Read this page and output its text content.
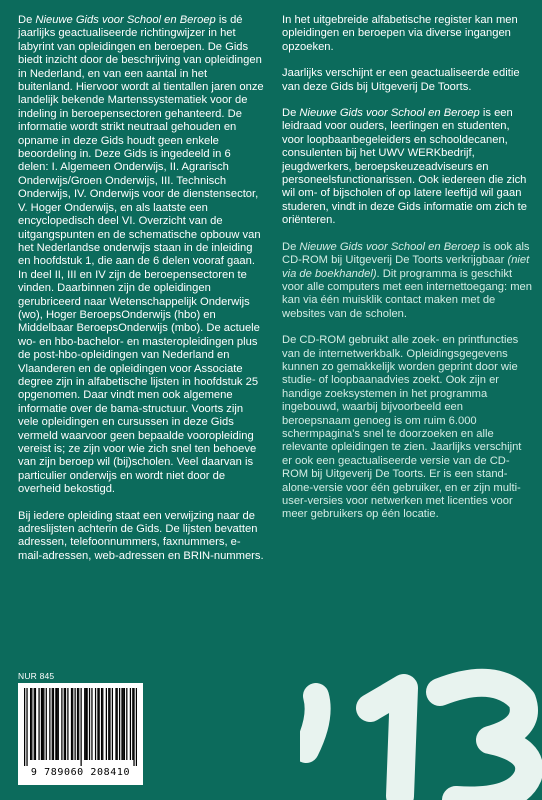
De Nieuwe Gids voor School en Beroep is dé jaarlijks geactualiseerde richtingwijzer in het labyrint van opleidingen en beroepen. De Gids biedt inzicht door de beschrijving van opleidingen in Nederland, en van een aantal in het buitenland. Hiervoor wordt al tientallen jaren onze landelijk bekende Martenssystematiek voor de indeling in beroepensectoren gehanteerd. De informatie wordt strikt neutraal gehouden en opname in deze Gids houdt geen enkele beoordeling in. Deze Gids is ingedeeld in 6 delen: I. Algemeen Onderwijs, II. Agrarisch Onderwijs/Groen Onderwijs, III. Technisch Onderwijs, IV. Onderwijs voor de dienstensector, V. Hoger Onderwijs, en als laatste een encyclopedisch deel VI. Overzicht van de uitgangspunten en de schematische opbouw van het Nederlandse onderwijs staan in de inleiding en hoofdstuk 1, die aan de 6 delen vooraf gaan. In deel II, III en IV zijn de beroepensectoren te vinden. Daarbinnen zijn de opleidingen gerubriceerd naar Wetenschappelijk Onderwijs (wo), Hoger BeroepsOnderwijs (hbo) en Middelbaar BeroepsOnderwijs (mbo). De actuele wo- en hbo-bachelor- en masteropleidingen plus de post-hbo-opleidingen van Nederland en Vlaanderen en de opleidingen voor Associate degree zijn in alfabetische lijsten in hoofdstuk 25 opgenomen. Daar vindt men ook algemene informatie over de bama-structuur. Voorts zijn vele opleidingen en cursussen in deze Gids vermeld waarvoor geen bepaalde vooropleiding vereist is; ze zijn voor wie zich snel ten behoeve van zijn beroep wil (bij)scholen. Veel daarvan is particulier onderwijs en wordt niet door de overheid bekostigd.

Bij iedere opleiding staat een verwijzing naar de adreslijsten achterin de Gids. De lijsten bevatten adressen, telefoonnummers, faxnummers, e-mail-adressen, web-adressen en BRIN-nummers.

In het uitgebreide alfabetische register kan men opleidingen en beroepen via diverse ingangen opzoeken.

Jaarlijks verschijnt er een geactualiseerde editie van deze Gids bij Uitgeverij De Toorts.

De Nieuwe Gids voor School en Beroep is een leidraad voor ouders, leerlingen en studenten, voor loopbaanbegeleiders en schooldecanen, consulenten bij het UWV WERKbedrijf, jeugdwerkers, beroepskeuzeadviseurs en personeelsfunctionarissen. Ook iedereen die zich wil om- of bijscholen of op latere leeftijd wil gaan studeren, vindt in deze Gids informatie om zich te oriënteren.

De Nieuwe Gids voor School en Beroep is ook als CD-ROM bij Uitgeverij De Toorts verkrijgbaar (niet via de boekhandel). Dit programma is geschikt voor alle computers met een internettoegang: men kan via één muisklik contact maken met de websites van de scholen.

De CD-ROM gebruikt alle zoek- en printfuncties van de internetwerkbalk. Opleidingsgegevens kunnen zo gemakkelijk worden geprint door wie studie- of loopbaanadvies zoekt. Ook zijn er handige zoeksystemen in het programma ingebouwd, waarbij bijvoorbeeld een beroepsnaam genoeg is om ruim 6.000 schermpagina's snel te doorzoeken en alle relevante opleidingen te zien. Jaarlijks verschijnt er ook een geactualiseerde versie van de CD-ROM bij Uitgeverij De Toorts. Er is een stand-alone-versie voor één gebruiker, en er zijn multi-user-versies voor netwerken met licenties voor meer gebruikers op één locatie.

NUR 845
9 789060 208410
